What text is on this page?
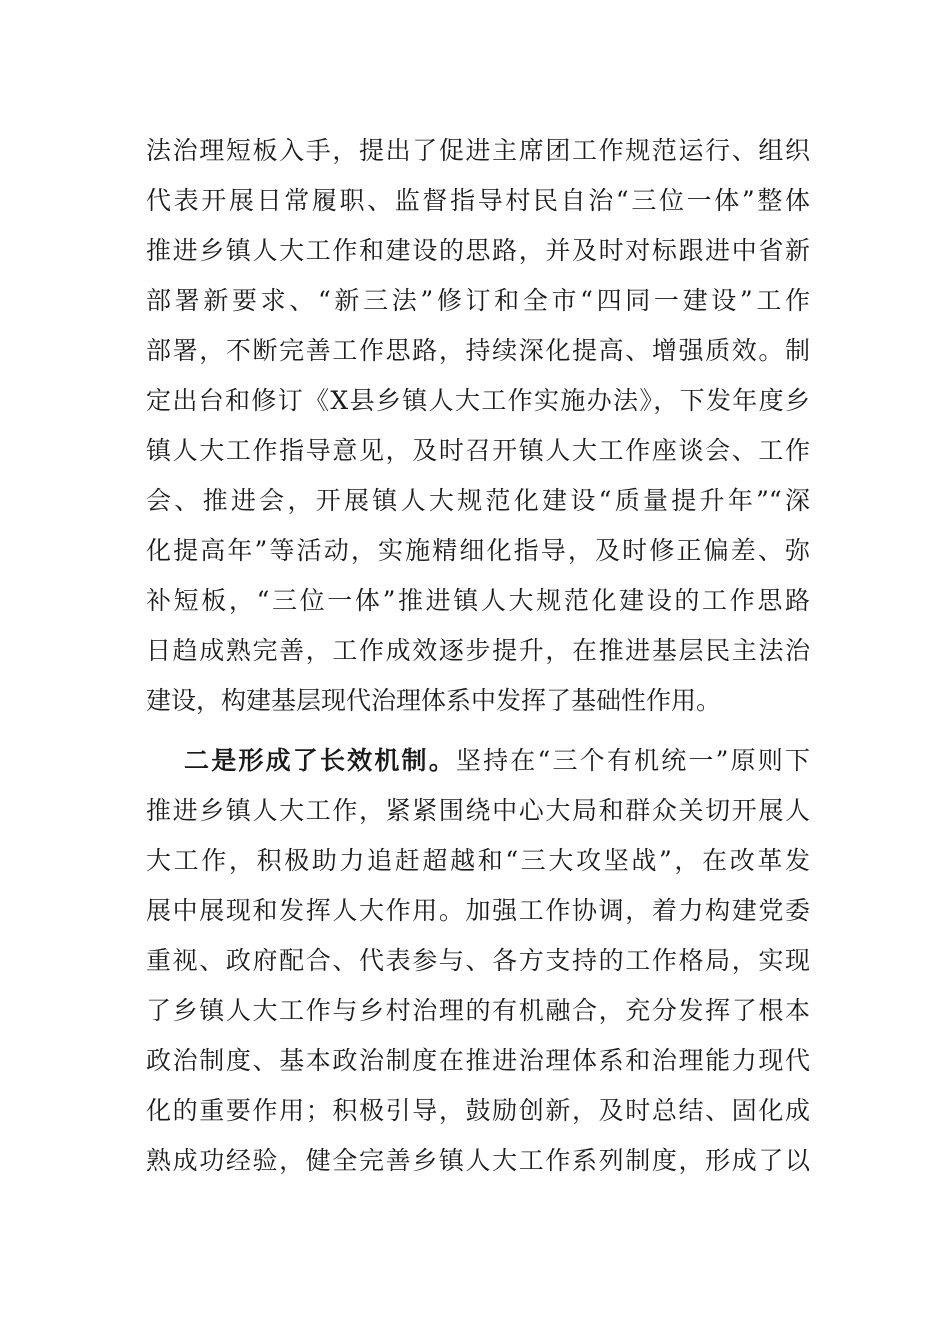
法治理短板入手，提出了促进主席团工作规范运行、组织
代表开展日常履职、监督指导村民自治“三位一体”整体
推进乡镇人大工作和建设的思路，并及时对标跟进中省新
部署新要求、“新三法”修订和全市“四同一建设”工作
部署，不断完善工作思路，持续深化提高、增强质效。制
定出台和修订《X县乡镇人大工作实施办法》，下发年度乡
镇人大工作指导意见，及时召开镇人大工作座谈会、工作
会、推进会，开展镇人大规范化建设“质量提升年”“深
化提高年”等活动，实施精细化指导，及时修正偏差、弥
补短板，“三位一体”推进镇人大规范化建设的工作思路
日趋成熟完善，工作成效逐步提升，在推进基层民主法治
建设，构建基层现代治理体系中发挥了基础性作用。
二是形成了长效机制。坚持在“三个有机统一”原则下
推进乡镇人大工作，紧紧围绕中心大局和群众关切开展人
大工作，积极助力追赶超越和“三大攻坚战”，在改革发
展中展现和发挥人大作用。加强工作协调，着力构建党委
重视、政府配合、代表参与、各方支持的工作格局，实现
了乡镇人大工作与乡村治理的有机融合，充分发挥了根本
政治制度、基本政治制度在推进治理体系和治理能力现代
化的重要作用；积极引导，鼓励创新，及时总结、固化成
熟成功经验，健全完善乡镇人大工作系列制度，形成了以
